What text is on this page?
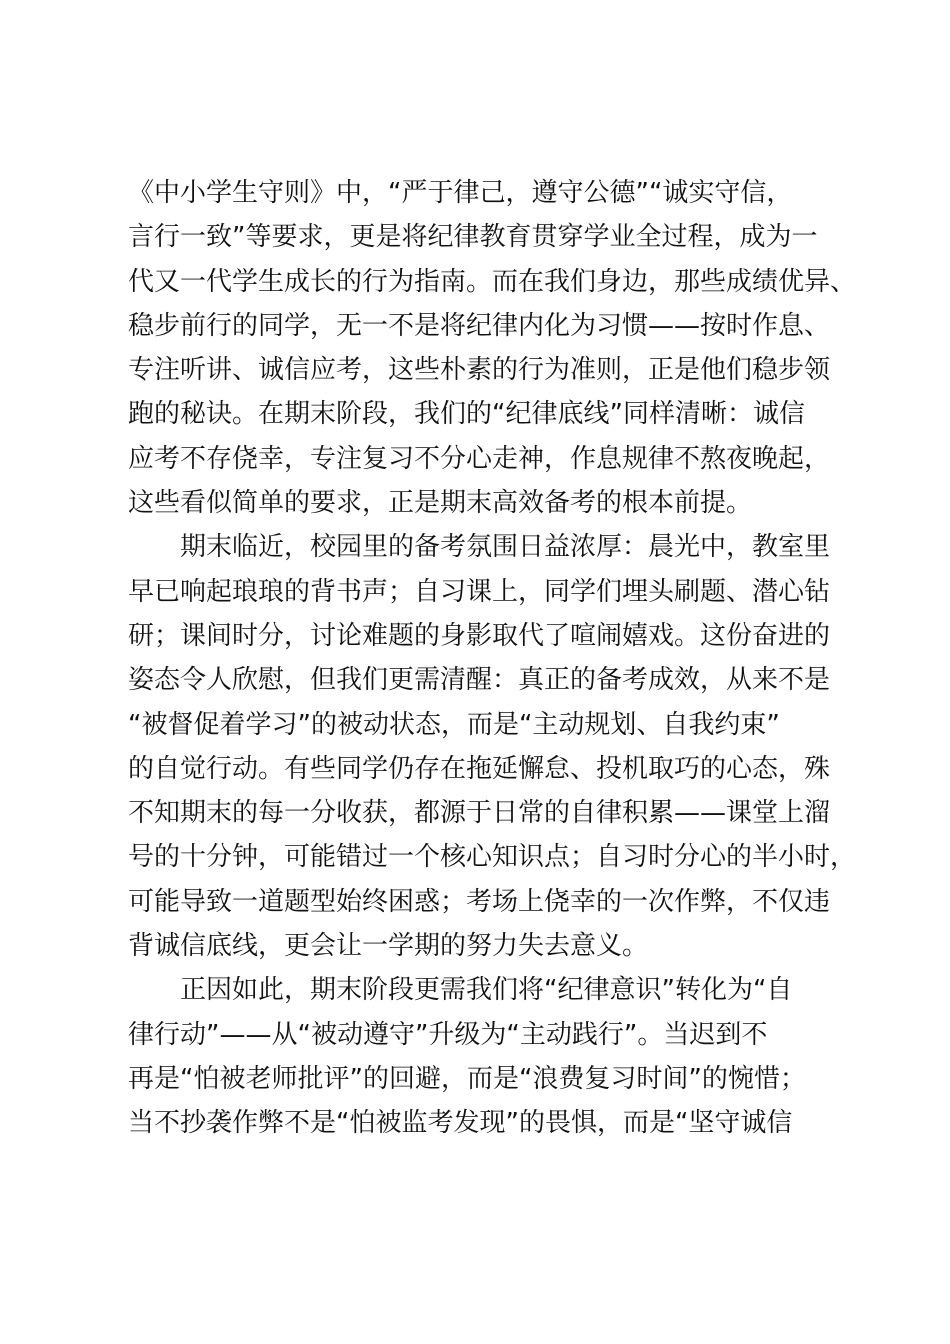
《中小学生守则》中，“严于律己，遵守公德”“诚实守信，
言行一致”等要求，更是将纪律教育贯穿学业全过程，成为一
代又一代学生成长的行为指南。而在我们身边，那些成绩优异、
稳步前行的同学，无一不是将纪律内化为习惯——按时作息、
专注听讲、诚信应考，这些朴素的行为准则，正是他们稳步领
跑的秘诀。在期末阶段，我们的“纪律底线”同样清晰：诚信
应考不存侥幸，专注复习不分心走神，作息规律不熬夜晚起，
这些看似简单的要求，正是期末高效备考的根本前提。
期末临近，校园里的备考氛围日益浓厚：晨光中，教室里
早已响起琅琅的背书声；自习课上，同学们埋头刷题、潜心钻
研；课间时分，讨论难题的身影取代了喧闹嬉戏。这份奋进的
姿态令人欣慰，但我们更需清醒：真正的备考成效，从来不是
“被督促着学习”的被动状态，而是“主动规划、自我约束”
的自觉行动。有些同学仍存在拖延懈怠、投机取巧的心态，殊
不知期末的每一分收获，都源于日常的自律积累——课堂上溜
号的十分钟，可能错过一个核心知识点；自习时分心的半小时，
可能导致一道题型始终困惑；考场上侥幸的一次作弊，不仅违
背诚信底线，更会让一学期的努力失去意义。
正因如此，期末阶段更需我们将“纪律意识”转化为“自
律行动”——从“被动遵守”升级为“主动践行”。当迟到不
再是“怕被老师批评”的回避，而是“浪费复习时间”的惋惜；
当不抄袭作弊不是“怕被监考发现”的畏惧，而是“坚守诚信
